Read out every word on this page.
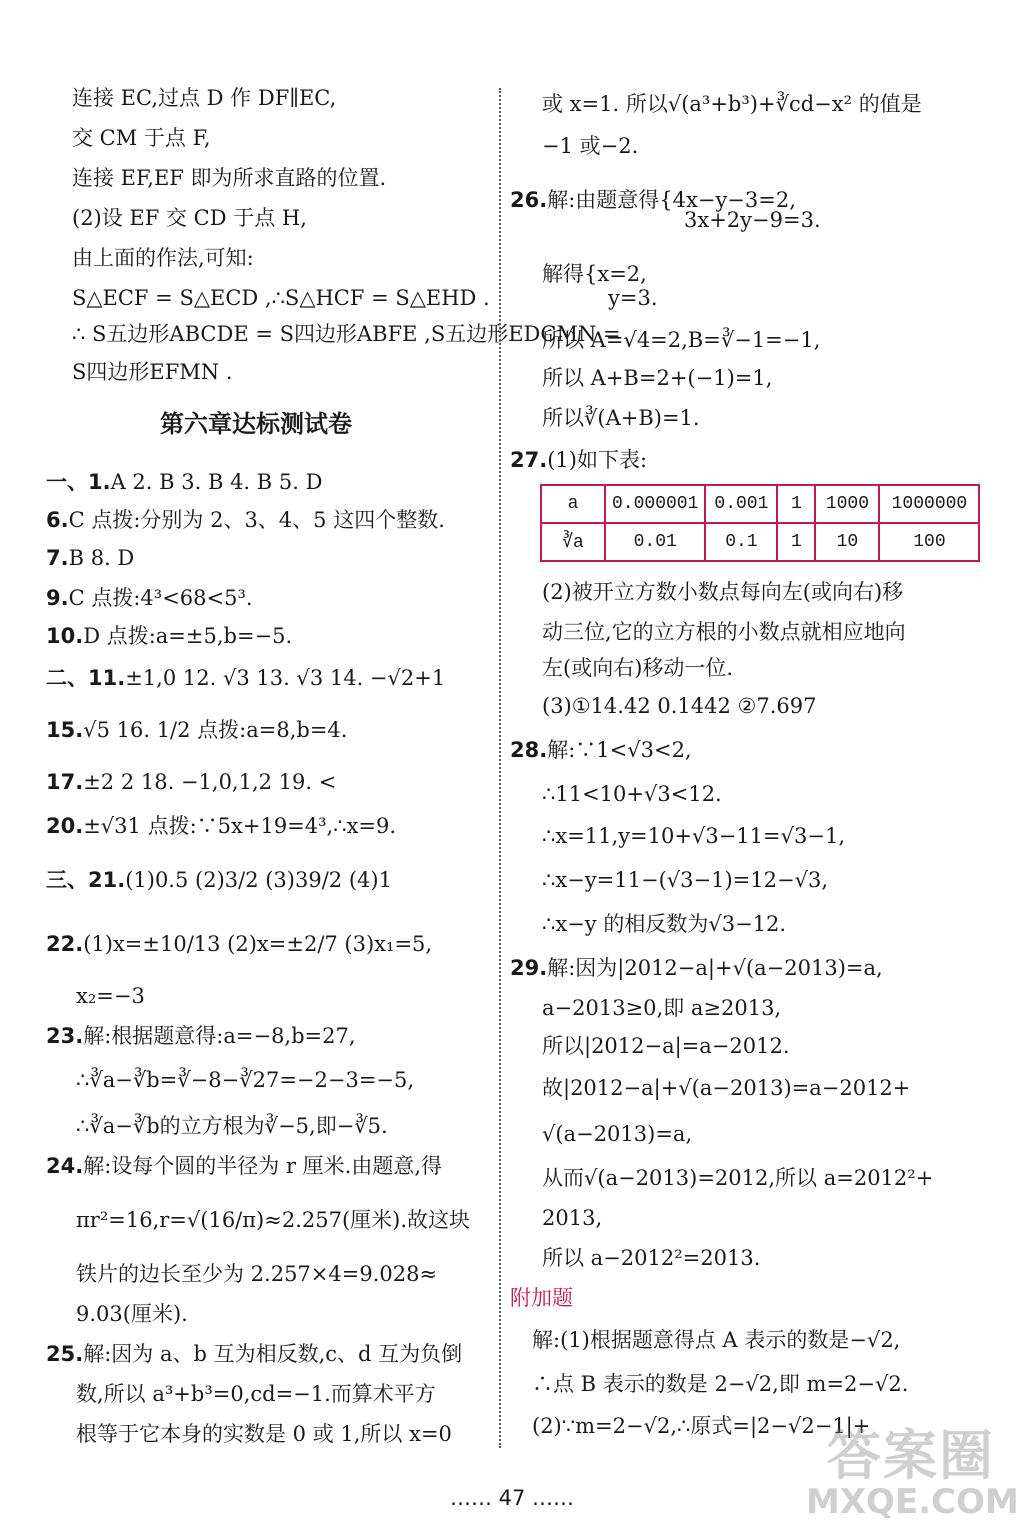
连接 EC,过点 D 作 DF∥EC,
交 CM 于点 F,
连接 EF,EF 即为所求直路的位置.
(2)设 EF 交 CD 于点 H,
由上面的作法,可知:
S△ECF = S△ECD ,∴S△HCF = S△EHD .
∴ S五边形ABCDE = S四边形ABFE ,S五边形EDCMN =
S四边形EFMN .
第六章达标测试卷
一、1.A 2. B 3. B 4. B 5. D
6.C 点拨:分别为 2、3、4、5 这四个整数.
7.B 8. D
9.C 点拨:4³<68<5³.
10.D 点拨:a=±5,b=−5.
二、11.±1,0 12. √3 13. √3 14. −√2+1
15.√5 16. 1/2 点拨:a=8,b=4.
17.±2 2 18. −1,0,1,2 19. <
20.±√31 点拨:∵5x+19=4³,∴x=9.
三、21.(1)0.5 (2)3/2 (3)39/2 (4)1
22.(1)x=±10/13 (2)x=±2/7 (3)x₁=5,
x₂=−3
23.解:根据题意得:a=−8,b=27,
∴∛a−∛b=∛−8−∛27=−2−3=−5,
∴∛a−∛b的立方根为∛−5,即−∛5.
24.解:设每个圆的半径为 r 厘米.由题意,得
πr²=16,r=√(16/π)≈2.257(厘米).故这块
铁片的边长至少为 2.257×4=9.028≈
9.03(厘米).
25.解:因为 a、b 互为相反数,c、d 互为负倒
数,所以 a³+b³=0,cd=−1.而算术平方
根等于它本身的实数是 0 或 1,所以 x=0
或 x=1. 所以√(a³+b³)+∛cd−x² 的值是
−1 或−2.
26.解:由题意得{4x−y−3=2,
3x+2y−9=3.
解得{x=2,
y=3.
所以 A=√4=2,B=∛−1=−1,
所以 A+B=2+(−1)=1,
所以∛(A+B)=1.
27.(1)如下表:
(2)被开立方数小数点每向左(或向右)移
动三位,它的立方根的小数点就相应地向
左(或向右)移动一位.
(3)①14.42 0.1442 ②7.697
28.解:∵1<√3<2,
∴11<10+√3<12.
∴x=11,y=10+√3−11=√3−1,
∴x−y=11−(√3−1)=12−√3,
∴x−y 的相反数为√3−12.
29.解:因为|2012−a|+√(a−2013)=a,
a−2013≥0,即 a≥2013,
所以|2012−a|=a−2012.
故|2012−a|+√(a−2013)=a−2012+
√(a−2013)=a,
从而√(a−2013)=2012,所以 a=2012²+
2013,
所以 a−2012²=2013.
附加题
解:(1)根据题意得点 A 表示的数是−√2,
∴点 B 表示的数是 2−√2,即 m=2−√2.
(2)∵m=2−√2,∴原式=|2−√2−1|+
a	0.000001	0.001	1	1000	1000000
∛a	0.01	0.1	1	10	100
…… 47 ……
答案圈
MXQE.COM
